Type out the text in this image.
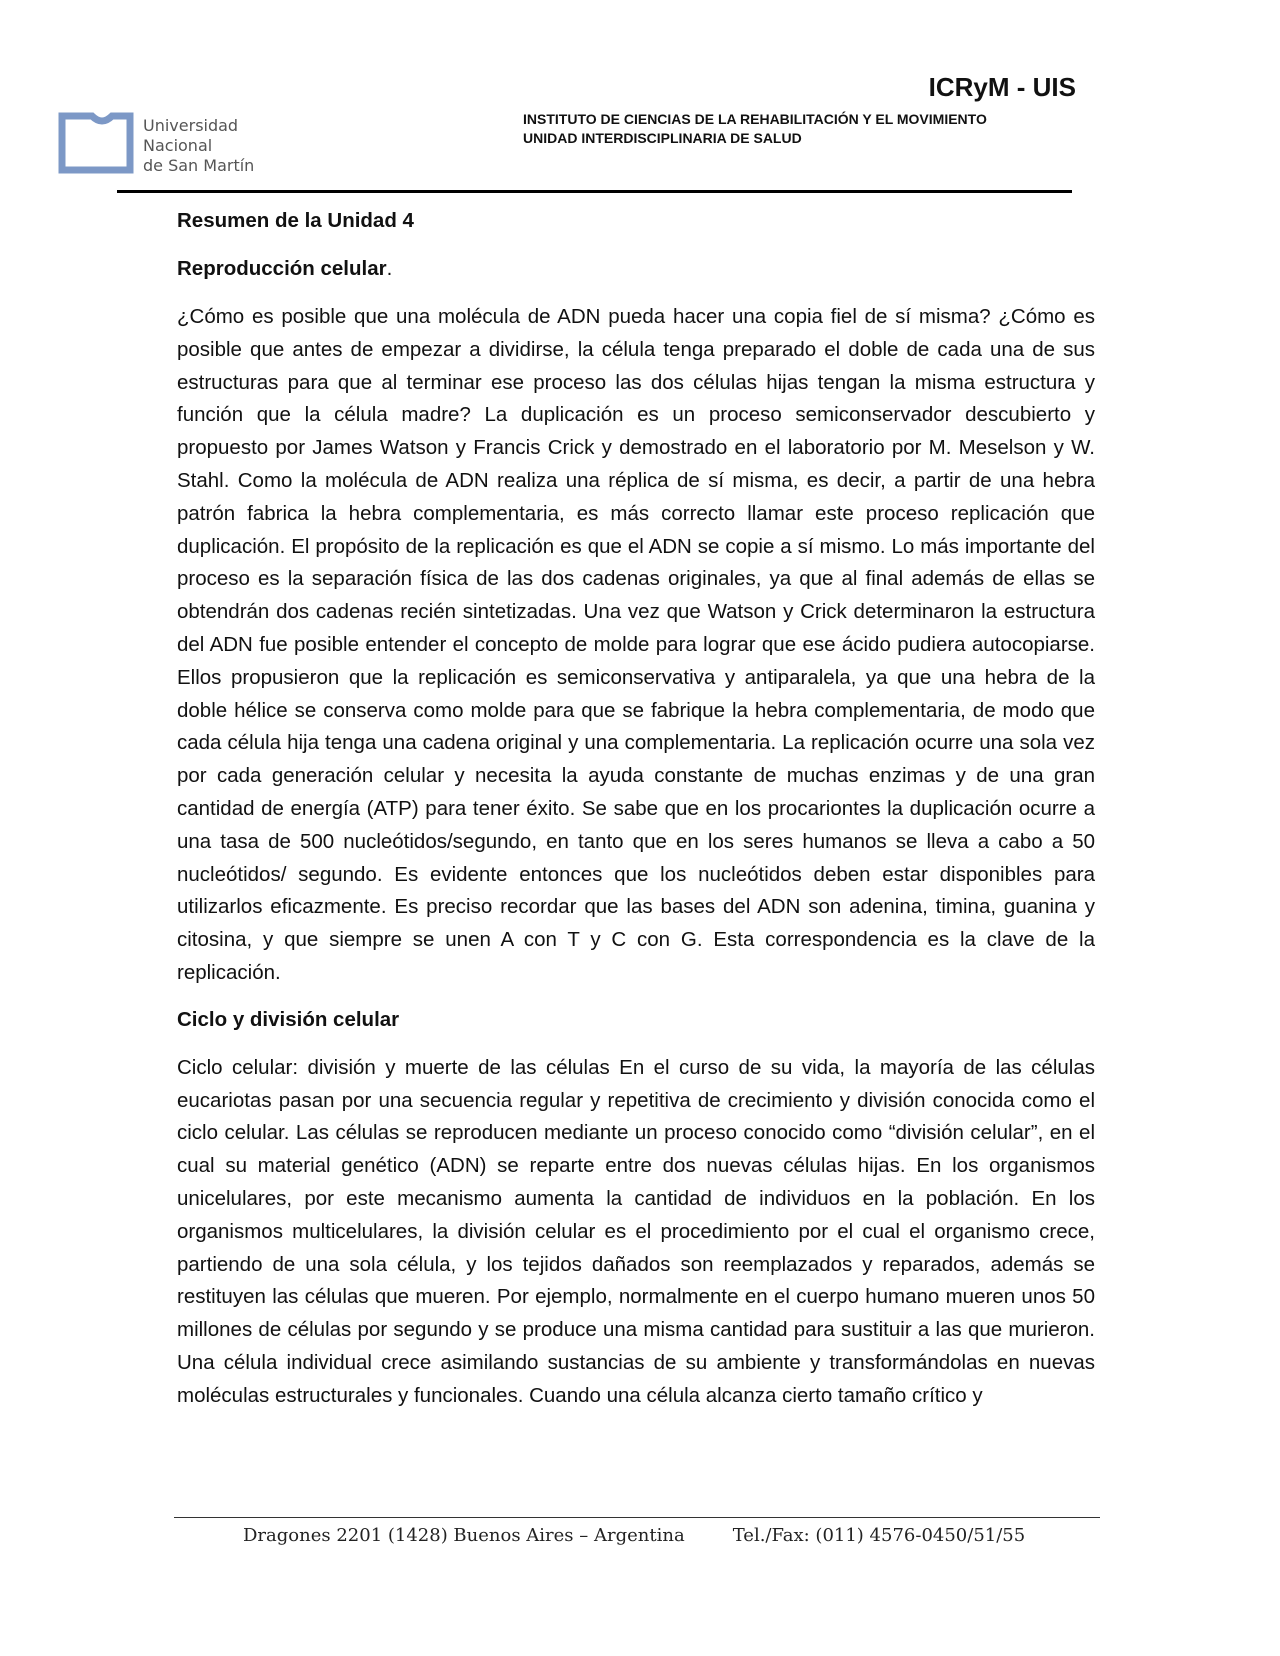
Universidad
Nacional
de San Martín
ICRyM - UIS
INSTITUTO DE CIENCIAS DE LA REHABILITACIÓN Y EL MOVIMIENTO
UNIDAD INTERDISCIPLINARIA DE SALUD
Resumen de la Unidad 4
Reproducción celular.

¿Cómo es posible que una molécula de ADN pueda hacer una copia fiel de sí misma? ¿Cómo es posible que antes de empezar a dividirse, la célula tenga preparado el doble de cada una de sus estructuras para que al terminar ese proceso las dos células hijas tengan la misma estructura y función que la célula madre? La duplicación es un proceso semiconservador descubierto y propuesto por James Watson y Francis Crick y demostrado en el laboratorio por M. Meselson y W. Stahl. Como la molécula de ADN realiza una réplica de sí misma, es decir, a partir de una hebra patrón fabrica la hebra complementaria, es más correcto llamar este proceso replicación que duplicación. El propósito de la replicación es que el ADN se copie a sí mismo. Lo más importante del proceso es la separación física de las dos cadenas originales, ya que al final además de ellas se obtendrán dos cadenas recién sintetizadas. Una vez que Watson y Crick determinaron la estructura del ADN fue posible entender el concepto de molde para lograr que ese ácido pudiera autocopiarse. Ellos propusieron que la replicación es semiconservativa y antiparalela, ya que una hebra de la doble hélice se conserva como molde para que se fabrique la hebra complementaria, de modo que cada célula hija tenga una cadena original y una complementaria. La replicación ocurre una sola vez por cada generación celular y necesita la ayuda constante de muchas enzimas y de una gran cantidad de energía (ATP) para tener éxito. Se sabe que en los procariontes la duplicación ocurre a una tasa de 500 nucleótidos/segundo, en tanto que en los seres humanos se lleva a cabo a 50 nucleótidos/ segundo. Es evidente entonces que los nucleótidos deben estar disponibles para utilizarlos eficazmente. Es preciso recordar que las bases del ADN son adenina, timina, guanina y citosina, y que siempre se unen A con T y C con G. Esta correspondencia es la clave de la replicación.

Ciclo y división celular

Ciclo celular: división y muerte de las células En el curso de su vida, la mayoría de las células eucariotas pasan por una secuencia regular y repetitiva de crecimiento y división conocida como el ciclo celular. Las células se reproducen mediante un proceso conocido como “división celular”, en el cual su material genético (ADN) se reparte entre dos nuevas células hijas. En los organismos unicelulares, por este mecanismo aumenta la cantidad de individuos en la población. En los organismos multicelulares, la división celular es el procedimiento por el cual el organismo crece, partiendo de una sola célula, y los tejidos dañados son reemplazados y reparados, además se restituyen las células que mueren. Por ejemplo, normalmente en el cuerpo humano mueren unos 50 millones de células por segundo y se produce una misma cantidad para sustituir a las que murieron. Una célula individual crece asimilando sustancias de su ambiente y transformándolas en nuevas moléculas estructurales y funcionales. Cuando una célula alcanza cierto tamaño crítico y

Dragones 2201 (1428) Buenos Aires – Argentina	Tel./Fax: (011) 4576-0450/51/55
